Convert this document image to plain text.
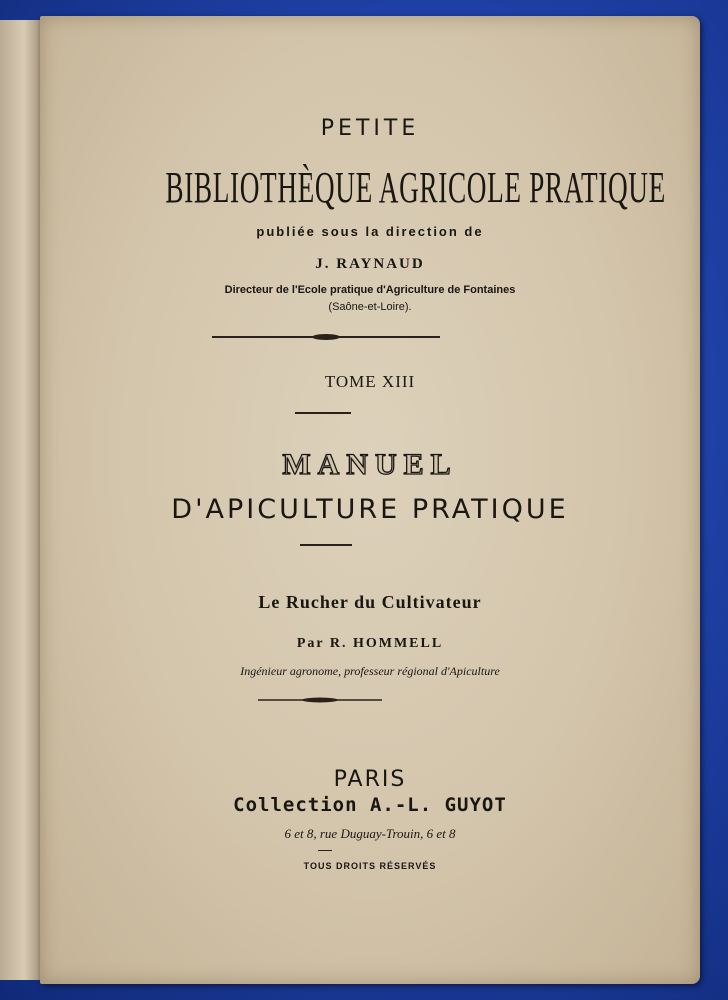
PETITE
BIBLIOTHÈQUE AGRICOLE PRATIQUE
publiée sous la direction de
J. RAYNAUD
Directeur de l'Ecole pratique d'Agriculture de Fontaines
(Saône-et-Loire).
TOME XIII
MANUEL
D'APICULTURE PRATIQUE
Le Rucher du Cultivateur
Par R. HOMMELL
Ingénieur agronome, professeur régional d'Apiculture
PARIS
Collection A.-L. GUYOT
6 et 8, rue Duguay-Trouin, 6 et 8
TOUS DROITS RÉSERVÉS
